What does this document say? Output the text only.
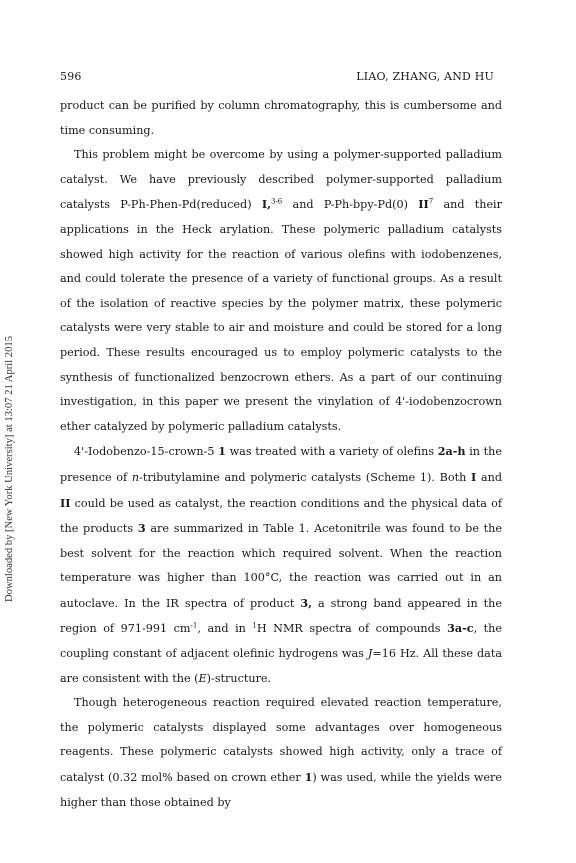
596	LIAO, ZHANG, AND HU
Downloaded by [New York University] at 13:07 21 April 2015

product can be purified by column chromatography, this is cumbersome and time consuming.

This problem might be overcome by using a polymer-supported palladium catalyst. We have previously described polymer-supported palladium catalysts P-Ph-Phen-Pd(reduced) I,$^{3-6}$ and P-Ph-bpy-Pd(0) $II^7$ and their applications in the Heck arylation. These polymeric palladium catalysts showed high activity for the reaction of various olefins with iodobenzenes, and could tolerate the presence of a variety of functional groups. As a result of the isolation of reactive species by the polymer matrix, these polymeric catalysts were very stable to air and moisture and could be stored for a long period. These results encouraged us to employ polymeric catalysts to the synthesis of functionalized benzocrown ethers. As a part of our continuing investigation, in this paper we present the vinylation of 4'-iodobenzocrown ether catalyzed by polymeric palladium catalysts.

4'-Iodobenzo-15-crown-5 1 was treated with a variety of olefins 2a-h in the presence of n-tributylamine and polymeric catalysts (Scheme 1). Both I and II could be used as catalyst, the reaction conditions and the physical data of the products 3 are summarized in Table 1. Acetonitrile was found to be the best solvent for the reaction which required solvent. When the reaction temperature was higher than 100°C, the reaction was carried out in an autoclave. In the IR spectra of product 3, a strong band appeared in the region of 971-991 $cm^{-1}$, and in $^1$H NMR spectra of compounds 3a-c, the coupling constant of adjacent olefinic hydrogens was J=16 Hz. All these data are consistent with the (E)-structure.

Though heterogeneous reaction required elevated reaction temperature, the polymeric catalysts displayed some advantages over homogeneous reagents. These polymeric catalysts showed high activity, only a trace of catalyst (0.32 mol% based on crown ether 1) was used, while the yields were higher than those obtained by
